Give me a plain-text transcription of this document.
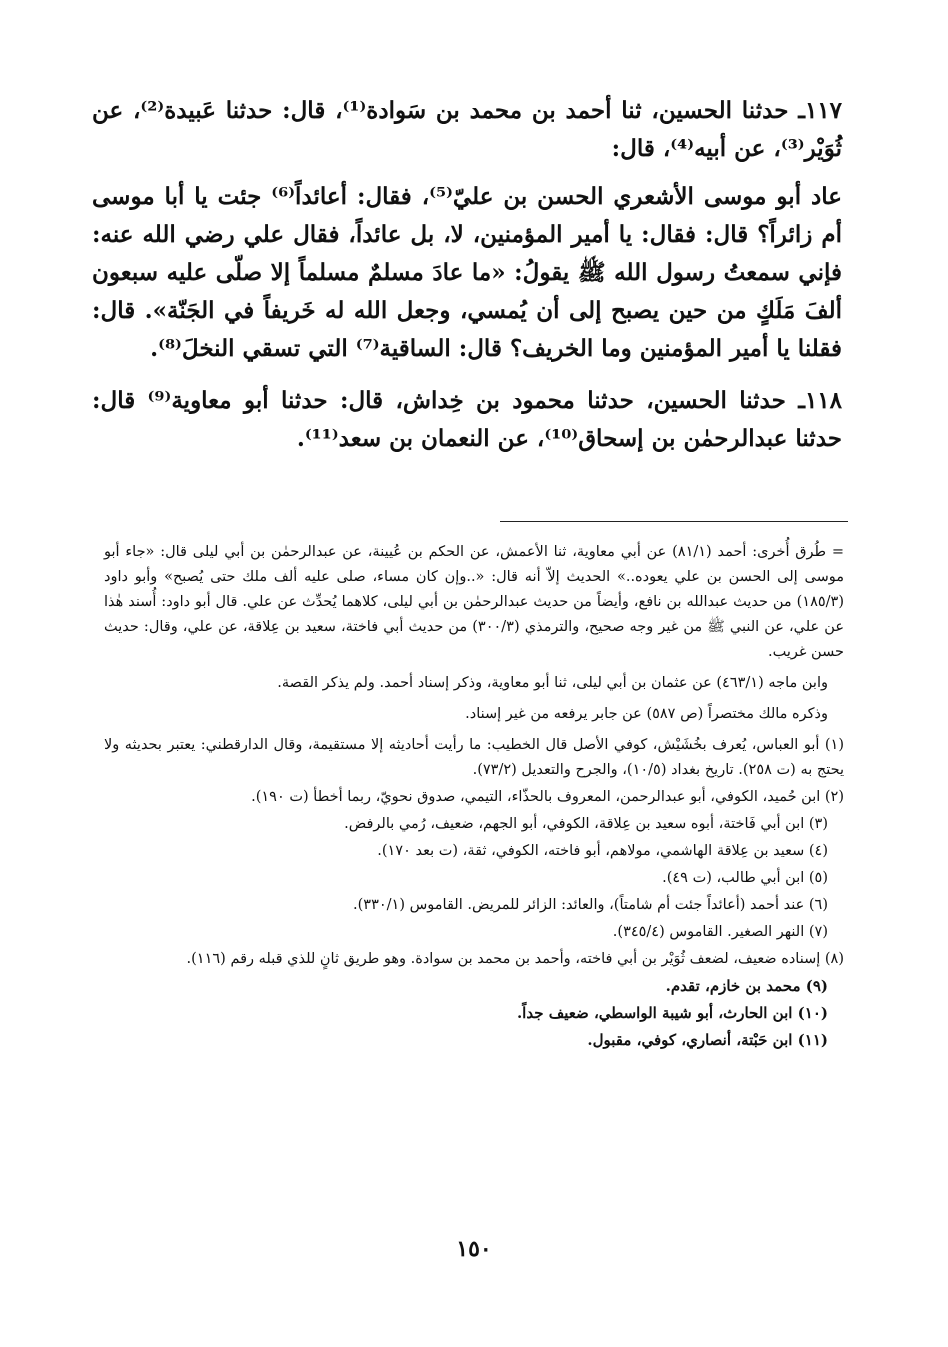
١١٧ـ حدثنا الحسين، ثنا أحمد بن محمد بن سَوادة⁽¹⁾، قال: حدثنا عَبيدة⁽²⁾، عن ثُوَيْر⁽³⁾، عن أبيه⁽⁴⁾، قال:

عاد أبو موسى الأشعري الحسن بن عليّ⁽⁵⁾، فقال: أعائداً⁽⁶⁾ جئت يا أبا موسى أم زائراً؟ قال: فقال: يا أمير المؤمنين، لا، بل عائداً، فقال علي رضي الله عنه: فإني سمعتُ رسول الله ﷺ يقولُ: «ما عادَ مسلمٌ مسلماً إلا صلّى عليه سبعون ألفَ مَلَكٍ من حين يصبح إلى أن يُمسي، وجعل الله له خَريفاً في الجَنّة». قال: فقلنا يا أمير المؤمنين وما الخريف؟ قال: الساقية⁽⁷⁾ التي تسقي النخلَ⁽⁸⁾.

١١٨ـ حدثنا الحسين، حدثنا محمود بن خِداش، قال: حدثنا أبو معاوية⁽⁹⁾ قال: حدثنا عبدالرحمٰن بن إسحاق⁽¹⁰⁾، عن النعمان بن سعد⁽¹¹⁾.

= طُرق أُخرى: أحمد (٨١/١) عن أبي معاوية، ثنا الأعمش، عن الحكم بن عُيينة، عن عبدالرحمٰن بن أبي ليلى قال: «جاء أبو موسى إلى الحسن بن علي يعوده..» الحديث إلاّ أنه قال: «..وإن كان مساء، صلى عليه ألف ملك حتى يُصبح» وأبو داود (١٨٥/٣) من حديث عبدالله بن نافع، وأيضاً من حديث عبدالرحمٰن بن أبي ليلى، كلاهما يُحدِّث عن علي. قال أبو داود: أُسند هٰذا عن علي، عن النبي ﷺ من غير وجه صحيح، والترمذي (٣٠٠/٣) من حديث أبي فاختة، سعيد بن عِلاقة، عن علي، وقال: حديث حسن غريب.

وابن ماجه (٤٦٣/١) عن عثمان بن أبي ليلى، ثنا أبو معاوية، وذكر إسناد أحمد. ولم يذكر القصة.

وذكره مالك مختصراً (ص ٥٨٧) عن جابر يرفعه من غير إسناد.

(١) أبو العباس، يُعرف بخُشَيْش، كوفي الأصل قال الخطيب: ما رأيت أحاديثه إلا مستقيمة، وقال الدارقطني: يعتبر بحديثه ولا يحتج به (ت ٢٥٨). تاريخ بغداد (١٠/٥)، والجرح والتعديل (٧٣/٢).

(٢) ابن حُميد، الكوفي، أبو عبدالرحمن، المعروف بالحذّاء، التيمي، صدوق نحويّ، ربما أخطأ (ت ١٩٠).

(٣) ابن أبي فَاختة، أبوه سعيد بن عِلاقة، الكوفي، أبو الجهم، ضعيف، رُمي بالرفض.

(٤) سعيد بن عِلاقة الهاشمي، مولاهم، أبو فاخته، الكوفي، ثقة، (ت بعد ١٧٠).

(٥) ابن أبي طالب، (ت ٤٩).

(٦) عند أحمد (أعائداً جئت أم شامتاً)، والعائد: الزائر للمريض. القاموس (٣٣٠/١).

(٧) النهر الصغير. القاموس (٣٤٥/٤).

(٨) إسناده ضعيف، لضعف ثُوَيْر بن أبي فاخته، وأحمد بن محمد بن سوادة. وهو طريق ثانٍ للذي قبله رقم (١١٦).

(٩) محمد بن خازم، تقدم.

(١٠) ابن الحارث، أبو شيبة الواسطي، ضعيف جداً.

(١١) ابن حَبْتة، أنصاري، كوفي، مقبول.

١٥٠
